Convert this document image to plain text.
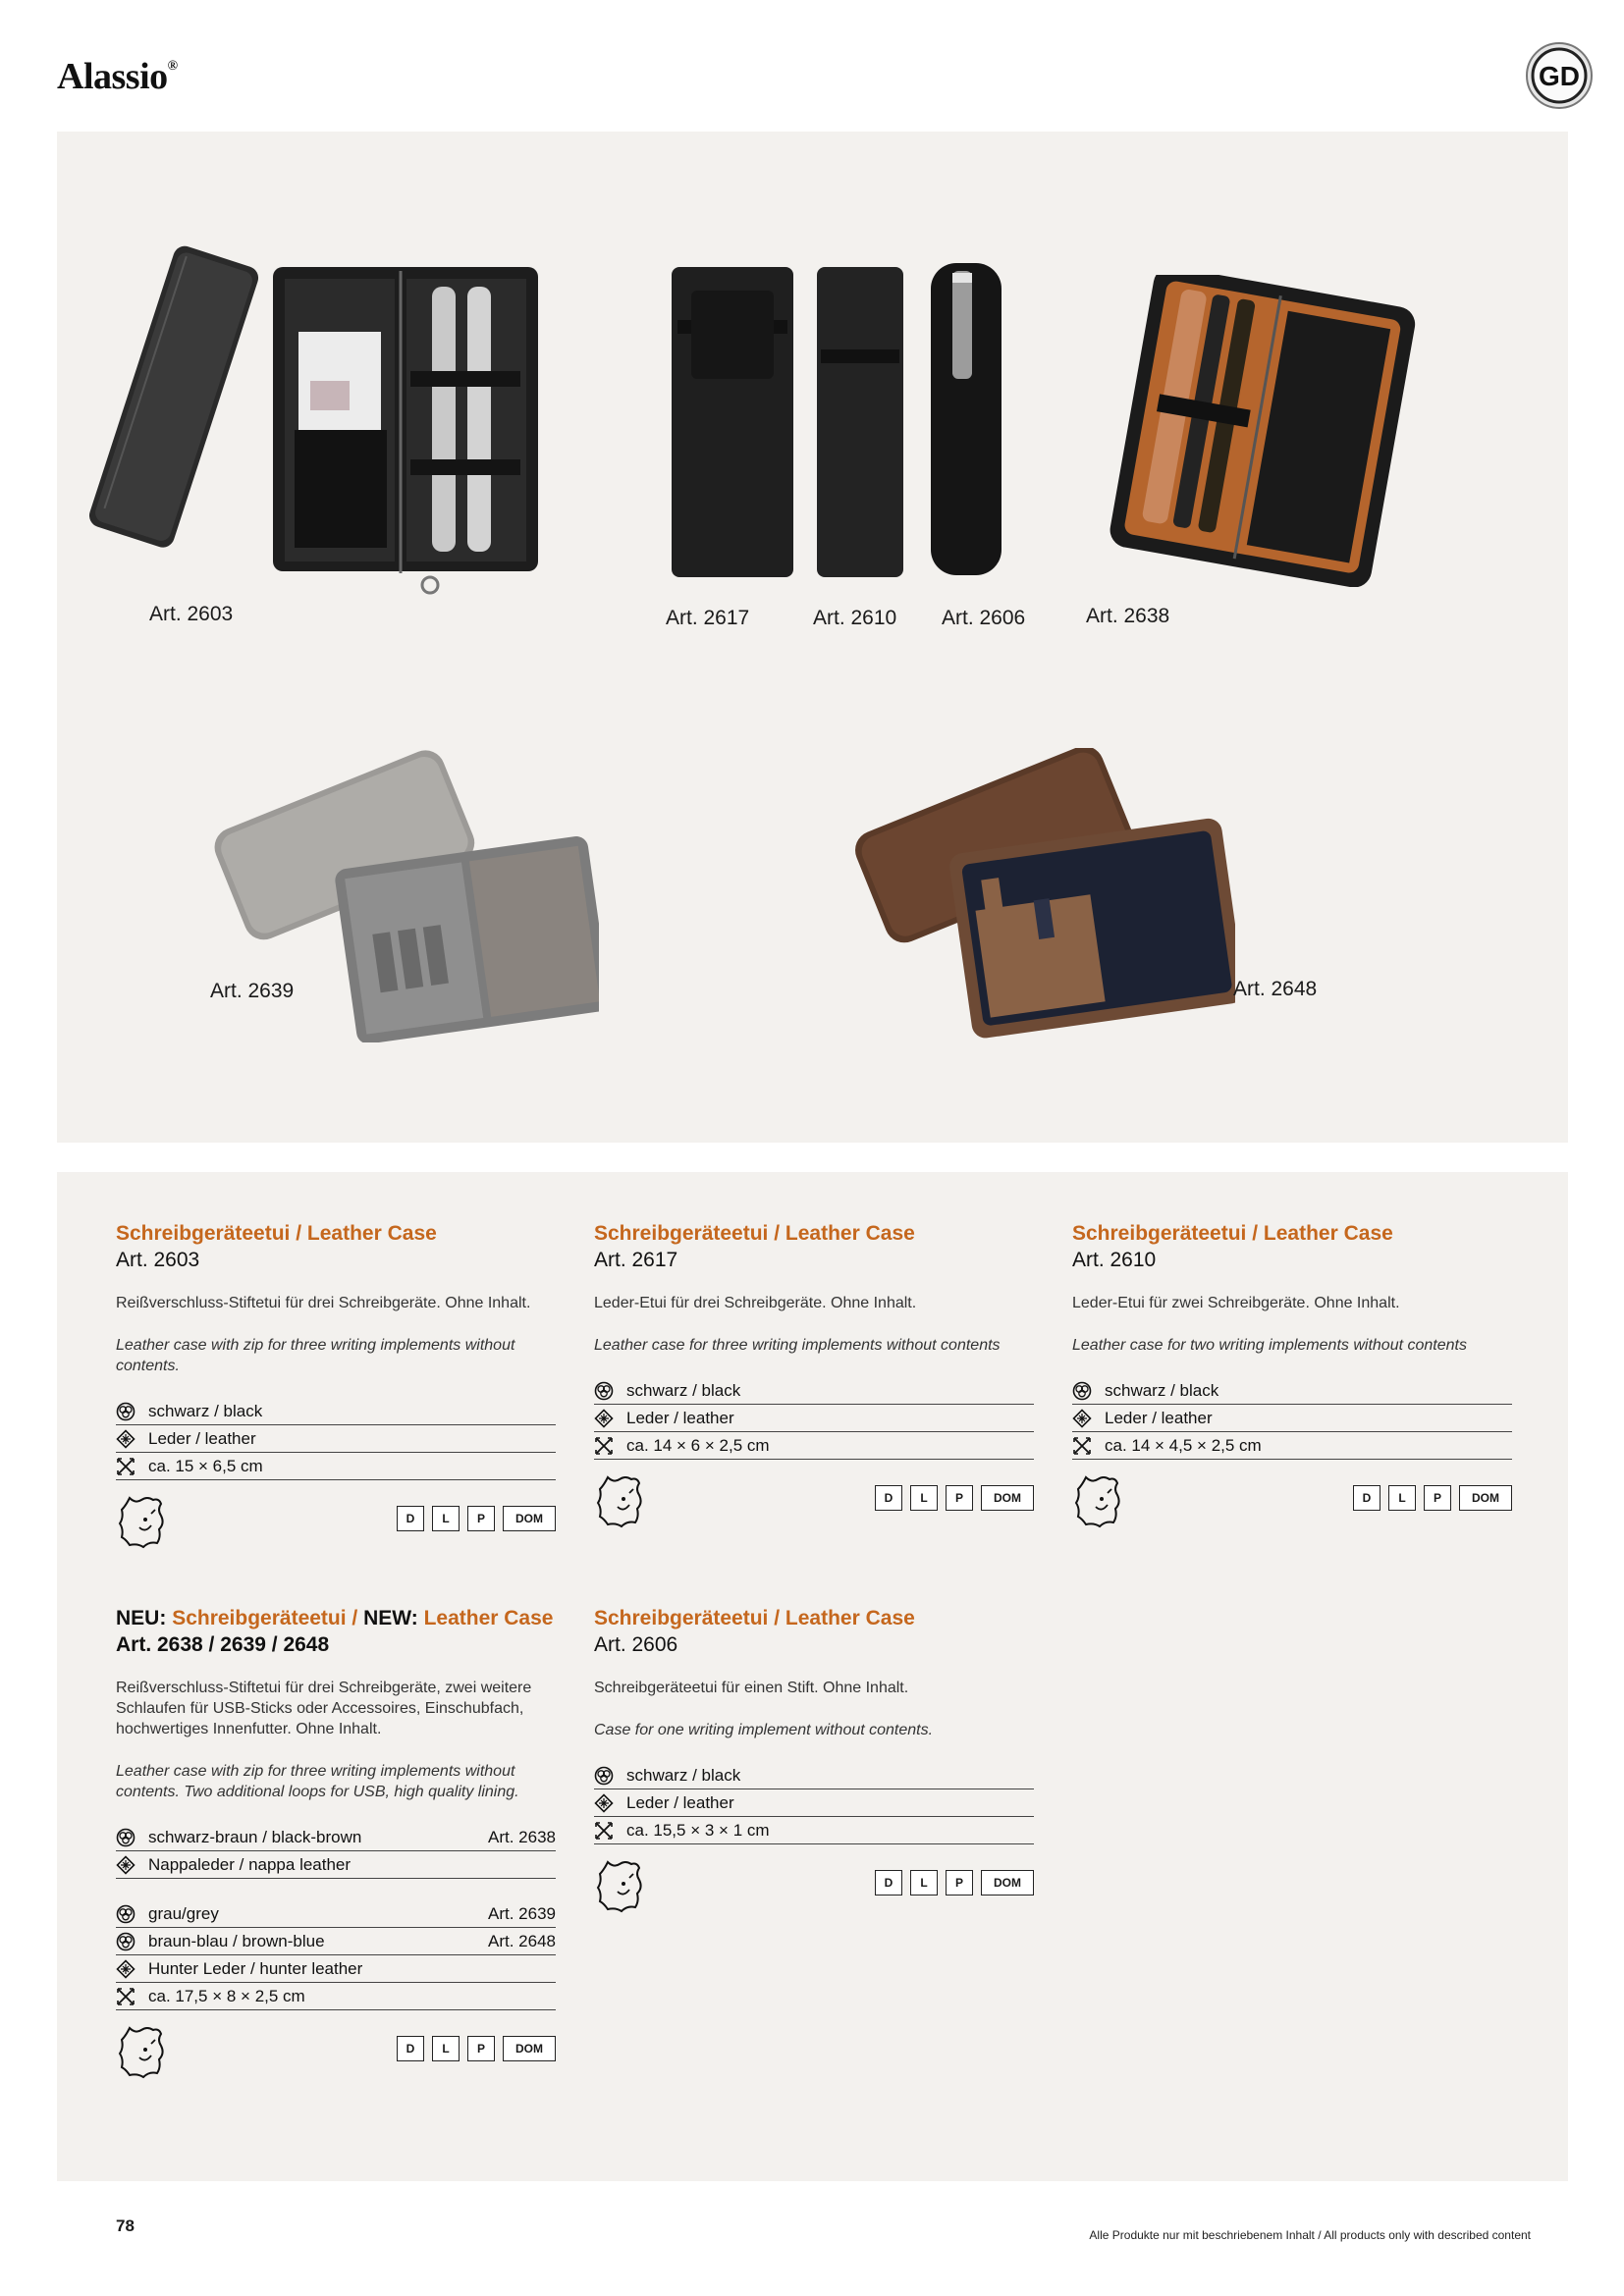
Alassio®	GD
Art. 2603	Art. 2617	Art. 2610 Art. 2606	Art. 2638
Art. 2639	Art. 2648
Schreibgeräteetui / Leather Case
Art. 2603
Reißverschluss-Stiftetui für drei Schreibgeräte. Ohne Inhalt.
Leather case with zip for three writing implements without contents.
schwarz / black
Leder / leather
ca. 15 × 6,5 cm
D	L	P	DOM
Schreibgeräteetui / Leather Case
Art. 2617
Leder-Etui für drei Schreibgeräte. Ohne Inhalt.
Leather case for three writing implements without contents
schwarz / black
Leder / leather
ca. 14 × 6 × 2,5 cm
D	L	P	DOM
Schreibgeräteetui / Leather Case
Art. 2610
Leder-Etui für zwei Schreibgeräte. Ohne Inhalt.
Leather case for two writing implements without contents
schwarz / black
Leder / leather
ca. 14 × 4,5 × 2,5 cm
D	L	P	DOM
NEU: Schreibgeräteetui / NEW: Leather Case
Art. 2638 / 2639 / 2648
Reißverschluss-Stiftetui für drei Schreibgeräte, zwei weitere Schlaufen für USB-Sticks oder Accessoires, Einschubfach, hochwertiges Innenfutter. Ohne Inhalt.
Leather case with zip for three writing implements without contents. Two additional loops for USB, high quality lining.
schwarz-braun / black-brown	Art. 2638
Nappaleder / nappa leather
grau/grey	Art. 2639
braun-blau / brown-blue	Art. 2648
Hunter Leder / hunter leather
ca. 17,5 × 8 × 2,5 cm
D	L	P	DOM
Schreibgeräteetui / Leather Case
Art. 2606
Schreibgeräteetui für einen Stift. Ohne Inhalt.
Case for one writing implement without contents.
schwarz / black
Leder / leather
ca. 15,5 × 3 × 1 cm
D	L	P	DOM
78	Alle Produkte nur mit beschriebenem Inhalt / All products only with described content
